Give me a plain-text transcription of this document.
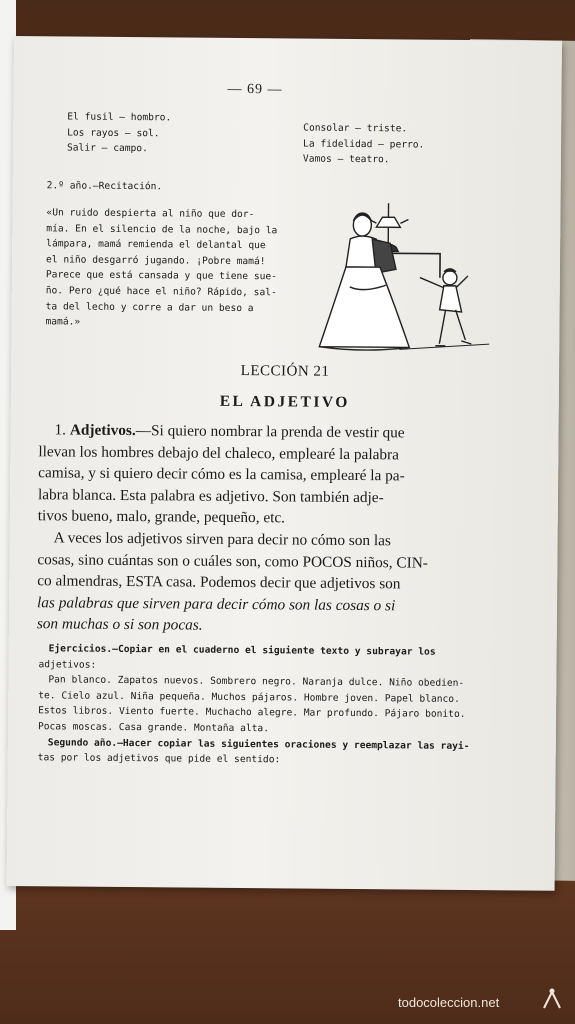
— 69 —
El fusil — hombro.
Los rayos — sol.
Salir — campo.
Consolar — triste.
La fidelidad — perro.
Vamos — teatro.
2.º año.—Recitación.
«Un ruido despierta al niño que dor-
mía. En el silencio de la noche, bajo la
lámpara, mamá remienda el delantal que
el niño desgarró jugando. ¡Pobre mamá!
Parece que está cansada y que tiene sue-
ño. Pero ¿qué hace el niño? Rápido, sal-
ta del lecho y corre a dar un beso a
mamá.»
LECCIÓN 21
EL ADJETIVO

1. Adjetivos.—Si quiero nombrar la prenda de vestir que
llevan los hombres debajo del chaleco, emplearé la palabra
camisa, y si quiero decir cómo es la camisa, emplearé la pa-
labra blanca. Esta palabra es adjetivo. Son también adje-
tivos bueno, malo, grande, pequeño, etc.

A veces los adjetivos sirven para decir no cómo son las
cosas, sino cuántas son o cuáles son, como POCOS niños, CIN-
co almendras, ESTA casa. Podemos decir que adjetivos son
las palabras que sirven para decir cómo son las cosas o si
son muchas o si son pocas.

Ejercicios.—Copiar en el cuaderno el siguiente texto y subrayar los
adjetivos:
Pan blanco. Zapatos nuevos. Sombrero negro. Naranja dulce. Niño obedien-
te. Cielo azul. Niña pequeña. Muchos pájaros. Hombre joven. Papel blanco.
Estos libros. Viento fuerte. Muchacho alegre. Mar profundo. Pájaro bonito.
Pocas moscas. Casa grande. Montaña alta.
Segundo año.—Hacer copiar las siguientes oraciones y reemplazar las rayi-
tas por los adjetivos que pide el sentido:
todocoleccion.net
